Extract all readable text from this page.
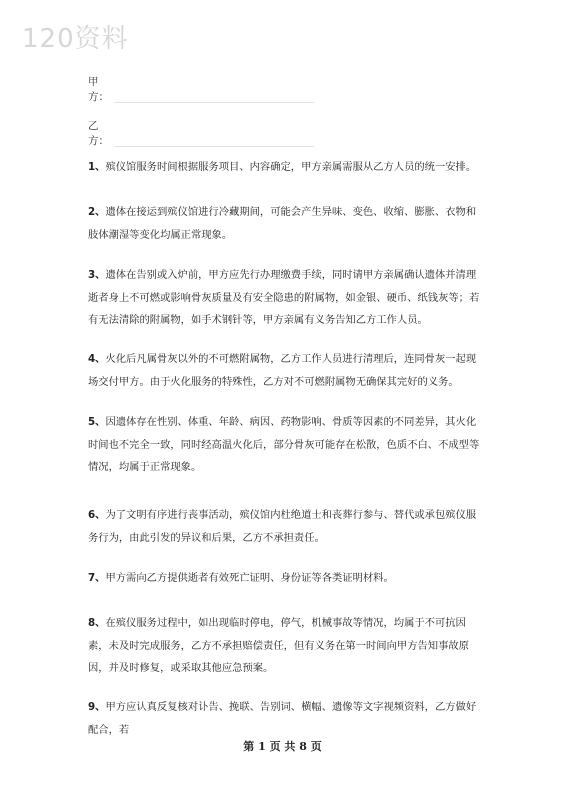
120资料
甲方：
乙方：
1、殡仪馆服务时间根据服务项目、内容确定，甲方亲属需服从乙方人员的统一安排。
2、遗体在接运到殡仪馆进行冷藏期间，可能会产生异味、变色、收缩、膨胀、衣物和肢体潮湿等变化均属正常现象。
3、遗体在告别或入炉前，甲方应先行办理缴费手续，同时请甲方亲属确认遗体并清理逝者身上不可燃或影响骨灰质量及有安全隐患的附属物，如金银、硬币、纸钱灰等；若有无法清除的附属物，如手术钢针等，甲方亲属有义务告知乙方工作人员。
4、火化后凡属骨灰以外的不可燃附属物，乙方工作人员进行清理后，连同骨灰一起现场交付甲方。由于火化服务的特殊性，乙方对不可燃附属物无确保其完好的义务。
5、因遗体存在性别、体重、年龄、病因、药物影响、骨质等因素的不同差异，其火化时间也不完全一致，同时经高温火化后，部分骨灰可能存在松散，色质不白、不成型等情况，均属于正常现象。
6、为了文明有序进行丧事活动，殡仪馆内杜绝道士和丧葬行参与、替代或承包殡仪服务行为，由此引发的异议和后果，乙方不承担责任。
7、甲方需向乙方提供逝者有效死亡证明、身份证等各类证明材料。
8、在殡仪服务过程中，如出现临时停电，停气，机械事故等情况，均属于不可抗因素，未及时完成服务，乙方不承担赔偿责任，但有义务在第一时间向甲方告知事故原因，并及时修复，或采取其他应急预案。
9、甲方应认真反复核对讣告、挽联、告别词、横幅、遗像等文字视频资料，乙方做好配合，若
第 1 页 共 8 页
